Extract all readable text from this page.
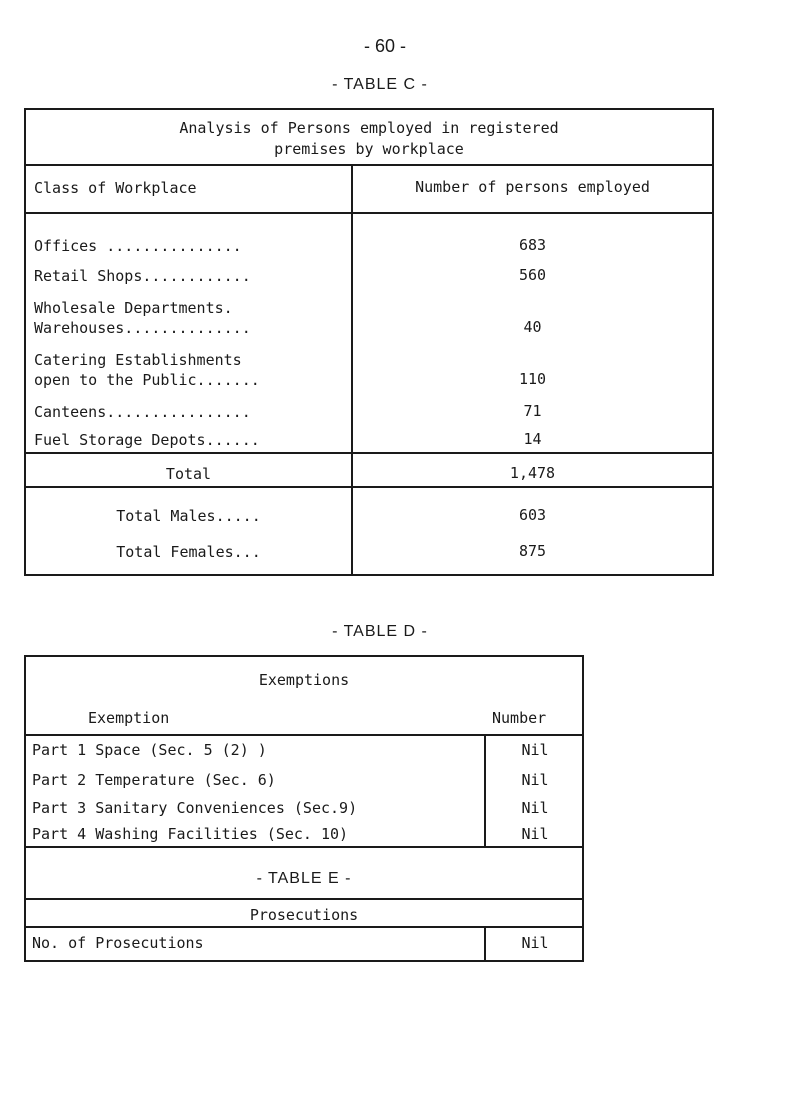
- 60 -
- TABLE C -
Analysis of Persons employed in registered
premises by workplace
Class of Workplace	Number of persons employed
Offices ...............	683
Retail Shops............	560
Wholesale Departments.
Warehouses..............	40
Catering Establishments
open to the Public.......	110
Canteens................	71
Fuel Storage Depots......	14
Total	1,478
Total Males.....	603
Total Females...	875
- TABLE D -
Exemptions
Exemption	Number
Part 1 Space (Sec. 5 (2) )	Nil
Part 2 Temperature (Sec. 6)	Nil
Part 3 Sanitary Conveniences (Sec.9)	Nil
Part 4 Washing Facilities (Sec. 10)	Nil
- TABLE E -
Prosecutions
No. of Prosecutions	Nil
